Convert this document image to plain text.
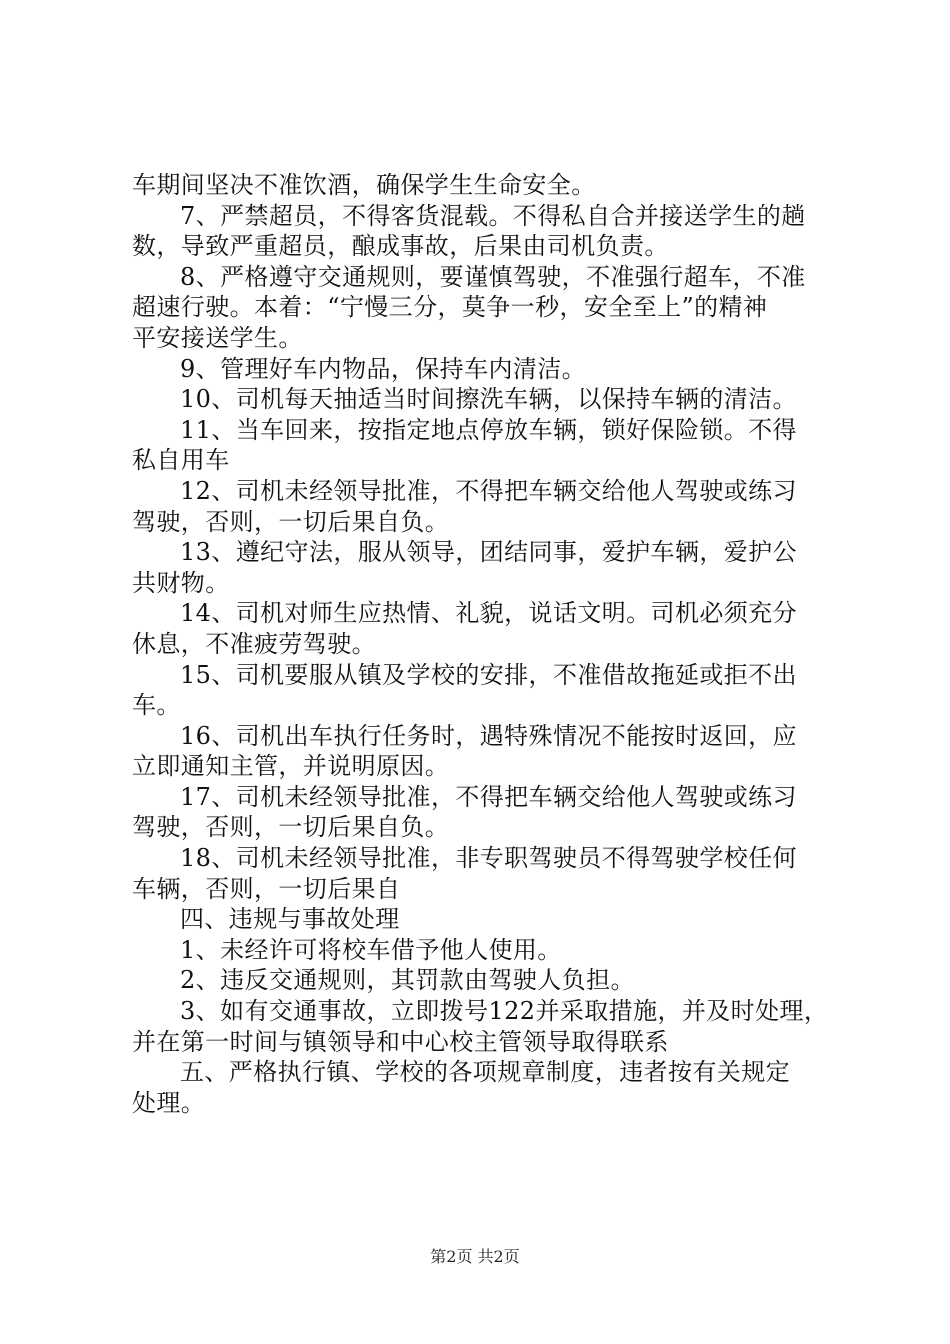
车期间坚决不准饮酒，确保学生生命安全。
7、严禁超员，不得客货混载。不得私自合并接送学生的趟
数，导致严重超员，酿成事故，后果由司机负责。
8、严格遵守交通规则，要谨慎驾驶，不准强行超车，不准
超速行驶。本着：“宁慢三分，莫争一秒，安全至上”的精神
平安接送学生。
9、管理好车内物品，保持车内清洁。
10、司机每天抽适当时间擦洗车辆，以保持车辆的清洁。
11、当车回来，按指定地点停放车辆，锁好保险锁。不得
私自用车
12、司机未经领导批准，不得把车辆交给他人驾驶或练习
驾驶，否则，一切后果自负。
13、遵纪守法，服从领导，团结同事，爱护车辆，爱护公
共财物。
14、司机对师生应热情、礼貌，说话文明。司机必须充分
休息，不准疲劳驾驶。
15、司机要服从镇及学校的安排，不准借故拖延或拒不出
车。
16、司机出车执行任务时，遇特殊情况不能按时返回，应
立即通知主管，并说明原因。
17、司机未经领导批准，不得把车辆交给他人驾驶或练习
驾驶，否则，一切后果自负。
18、司机未经领导批准，非专职驾驶员不得驾驶学校任何
车辆，否则，一切后果自
四、违规与事故处理
1、未经许可将校车借予他人使用。
2、违反交通规则，其罚款由驾驶人负担。
3、如有交通事故，立即拨号122并采取措施，并及时处理，
并在第一时间与镇领导和中心校主管领导取得联系
五、严格执行镇、学校的各项规章制度，违者按有关规定
处理。
第2页 共2页
